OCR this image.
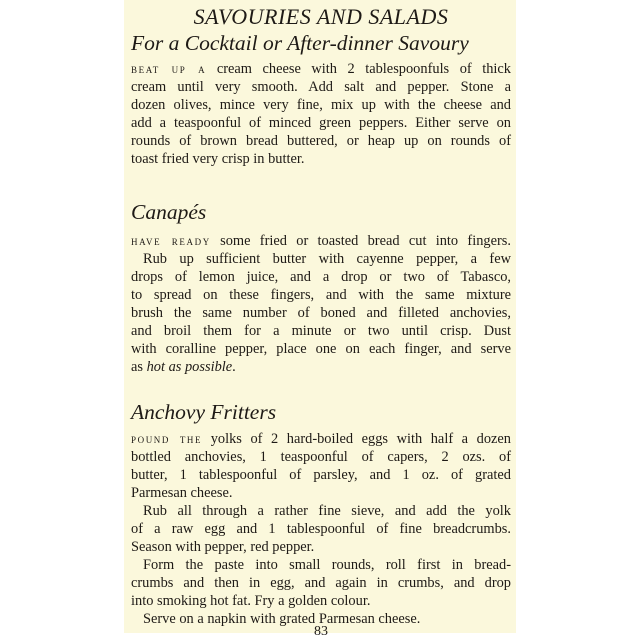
SAVOURIES AND SALADS
For a Cocktail or After-dinner Savoury
beat up a cream cheese with 2 tablespoonfuls of thick
cream until very smooth. Add salt and pepper. Stone a
dozen olives, mince very fine, mix up with the cheese and
add a teaspoonful of minced green peppers. Either serve on
rounds of brown bread buttered, or heap up on rounds of
toast fried very crisp in butter.
Canapés
have ready some fried or toasted bread cut into fingers.
Rub up sufficient butter with cayenne pepper, a few
drops of lemon juice, and a drop or two of Tabasco,
to spread on these fingers, and with the same mixture
brush the same number of boned and filleted anchovies,
and broil them for a minute or two until crisp. Dust
with coralline pepper, place one on each finger, and serve
as hot as possible.
Anchovy Fritters
pound the yolks of 2 hard-boiled eggs with half a dozen
bottled anchovies, 1 teaspoonful of capers, 2 ozs. of
butter, 1 tablespoonful of parsley, and 1 oz. of grated
Parmesan cheese.
Rub all through a rather fine sieve, and add the yolk
of a raw egg and 1 tablespoonful of fine breadcrumbs.
Season with pepper, red pepper.
Form the paste into small rounds, roll first in bread-
crumbs and then in egg, and again in crumbs, and drop
into smoking hot fat. Fry a golden colour.
Serve on a napkin with grated Parmesan cheese.
83
